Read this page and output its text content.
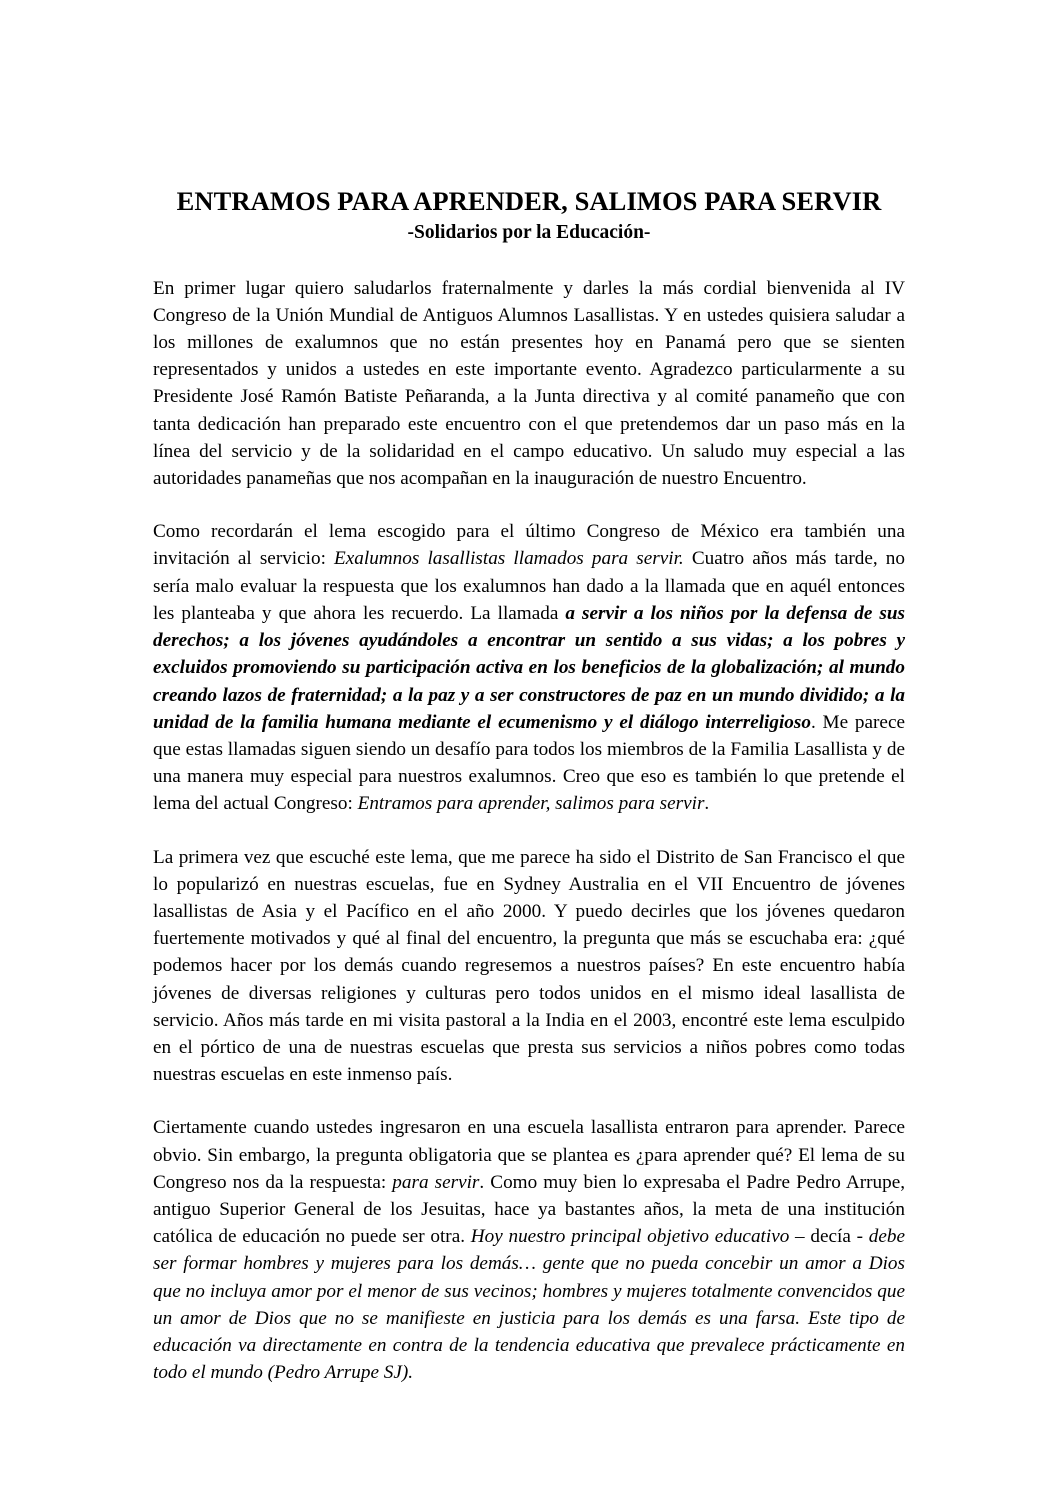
ENTRAMOS PARA APRENDER, SALIMOS PARA SERVIR
-Solidarios por la Educación-

En primer lugar quiero saludarlos fraternalmente y darles la más cordial bienvenida al IV Congreso de la Unión Mundial de Antiguos Alumnos Lasallistas. Y en ustedes quisiera saludar a los millones de exalumnos que no están presentes hoy en Panamá pero que se sienten representados y unidos a ustedes en este importante evento. Agradezco particularmente a su Presidente José Ramón Batiste Peñaranda, a la Junta directiva y al comité panameño que con tanta dedicación han preparado este encuentro con el que pretendemos dar un paso más en la línea del servicio y de la solidaridad en el campo educativo. Un saludo muy especial a las autoridades panameñas que nos acompañan en la inauguración de nuestro Encuentro.

Como recordarán el lema escogido para el último Congreso de México era también una invitación al servicio: Exalumnos lasallistas llamados para servir. Cuatro años más tarde, no sería malo evaluar la respuesta que los exalumnos han dado a la llamada que en aquél entonces les planteaba y que ahora les recuerdo. La llamada a servir a los niños por la defensa de sus derechos; a los jóvenes ayudándoles a encontrar un sentido a sus vidas; a los pobres y excluidos promoviendo su participación activa en los beneficios de la globalización; al mundo creando lazos de fraternidad; a la paz y a ser constructores de paz en un mundo dividido; a la unidad de la familia humana mediante el ecumenismo y el diálogo interreligioso. Me parece que estas llamadas siguen siendo un desafío para todos los miembros de la Familia Lasallista y de una manera muy especial para nuestros exalumnos. Creo que eso es también lo que pretende el lema del actual Congreso: Entramos para aprender, salimos para servir.

La primera vez que escuché este lema, que me parece ha sido el Distrito de San Francisco el que lo popularizó en nuestras escuelas, fue en Sydney Australia en el VII Encuentro de jóvenes lasallistas de Asia y el Pacífico en el año 2000. Y puedo decirles que los jóvenes quedaron fuertemente motivados y qué al final del encuentro, la pregunta que más se escuchaba era: ¿qué podemos hacer por los demás cuando regresemos a nuestros países? En este encuentro había jóvenes de diversas religiones y culturas pero todos unidos en el mismo ideal lasallista de servicio. Años más tarde en mi visita pastoral a la India en el 2003, encontré este lema esculpido en el pórtico de una de nuestras escuelas que presta sus servicios a niños pobres como todas nuestras escuelas en este inmenso país.

Ciertamente cuando ustedes ingresaron en una escuela lasallista entraron para aprender. Parece obvio. Sin embargo, la pregunta obligatoria que se plantea es ¿para aprender qué? El lema de su Congreso nos da la respuesta: para servir. Como muy bien lo expresaba el Padre Pedro Arrupe, antiguo Superior General de los Jesuitas, hace ya bastantes años, la meta de una institución católica de educación no puede ser otra. Hoy nuestro principal objetivo educativo – decía - debe ser formar hombres y mujeres para los demás… gente que no pueda concebir un amor a Dios que no incluya amor por el menor de sus vecinos; hombres y mujeres totalmente convencidos que un amor de Dios que no se manifieste en justicia para los demás es una farsa. Este tipo de educación va directamente en contra de la tendencia educativa que prevalece prácticamente en todo el mundo (Pedro Arrupe SJ).
